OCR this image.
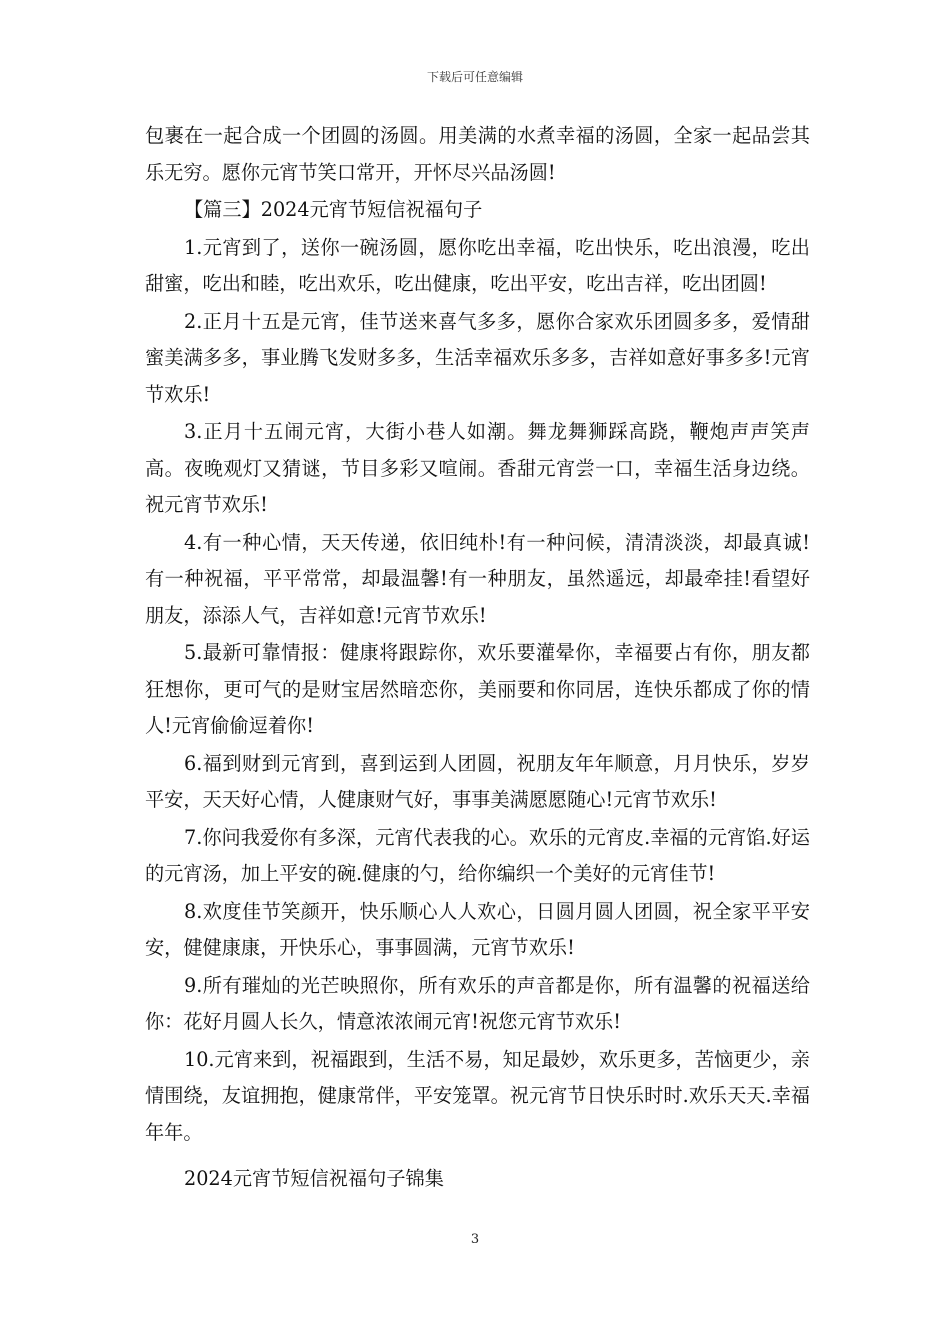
下载后可任意编辑

包裹在一起合成一个团圆的汤圆。用美满的水煮幸福的汤圆，全家一起品尝其乐无穷。愿你元宵节笑口常开，开怀尽兴品汤圆!

【篇三】2024元宵节短信祝福句子

1.元宵到了，送你一碗汤圆，愿你吃出幸福，吃出快乐，吃出浪漫，吃出甜蜜，吃出和睦，吃出欢乐，吃出健康，吃出平安，吃出吉祥，吃出团圆!

2.正月十五是元宵，佳节送来喜气多多，愿你合家欢乐团圆多多，爱情甜蜜美满多多，事业腾飞发财多多，生活幸福欢乐多多，吉祥如意好事多多!元宵节欢乐!

3.正月十五闹元宵，大街小巷人如潮。舞龙舞狮踩高跷，鞭炮声声笑声高。夜晚观灯又猜谜，节目多彩又喧闹。香甜元宵尝一口，幸福生活身边绕。祝元宵节欢乐!

4.有一种心情，天天传递，依旧纯朴!有一种问候，清清淡淡，却最真诚!有一种祝福，平平常常，却最温馨!有一种朋友，虽然遥远，却最牵挂!看望好朋友，添添人气，吉祥如意!元宵节欢乐!

5.最新可靠情报：健康将跟踪你，欢乐要灌晕你，幸福要占有你，朋友都狂想你，更可气的是财宝居然暗恋你，美丽要和你同居，连快乐都成了你的情人!元宵偷偷逗着你!

6.福到财到元宵到，喜到运到人团圆，祝朋友年年顺意，月月快乐，岁岁平安，天天好心情，人健康财气好，事事美满愿愿随心!元宵节欢乐!

7.你问我爱你有多深，元宵代表我的心。欢乐的元宵皮.幸福的元宵馅.好运的元宵汤，加上平安的碗.健康的勺，给你编织一个美好的元宵佳节!

8.欢度佳节笑颜开，快乐顺心人人欢心，日圆月圆人团圆，祝全家平平安安，健健康康，开快乐心，事事圆满，元宵节欢乐!

9.所有璀灿的光芒映照你，所有欢乐的声音都是你，所有温馨的祝福送给你：花好月圆人长久，情意浓浓闹元宵!祝您元宵节欢乐!

10.元宵来到，祝福跟到，生活不易，知足最妙，欢乐更多，苦恼更少，亲情围绕，友谊拥抱，健康常伴，平安笼罩。祝元宵节日快乐时时.欢乐天天.幸福年年。

2024元宵节短信祝福句子锦集

3
